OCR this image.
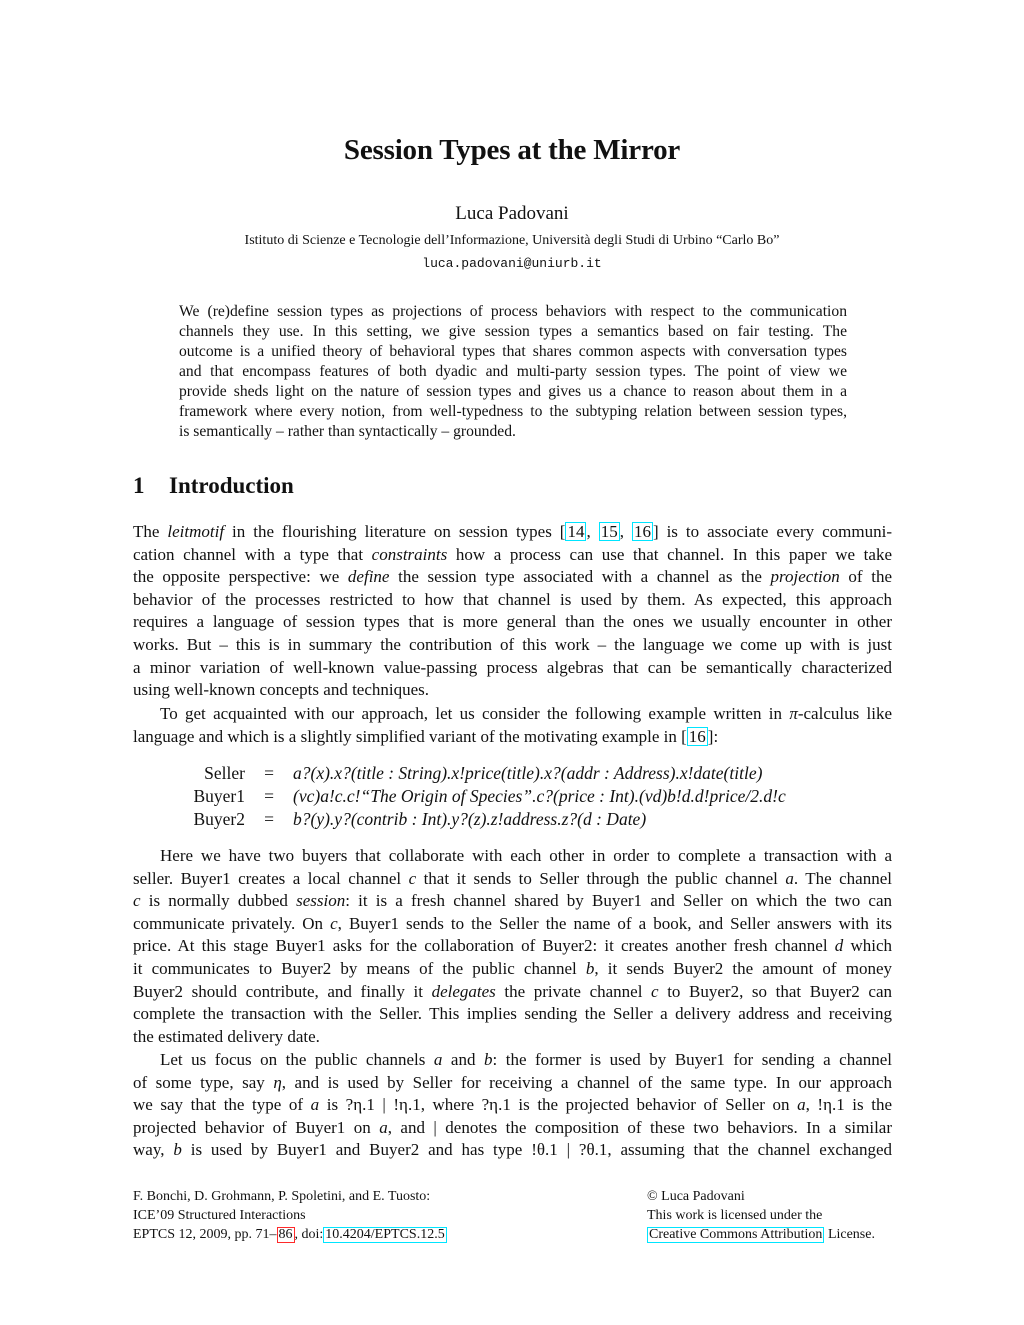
Session Types at the Mirror
Luca Padovani
Istituto di Scienze e Tecnologie dell’Informazione, Università degli Studi di Urbino “Carlo Bo”
luca.padovani@uniurb.it
We (re)define session types as projections of process behaviors with respect to the communication
channels they use. In this setting, we give session types a semantics based on fair testing. The
outcome is a unified theory of behavioral types that shares common aspects with conversation types
and that encompass features of both dyadic and multi-party session types. The point of view we
provide sheds light on the nature of session types and gives us a chance to reason about them in a
framework where every notion, from well-typedness to the subtyping relation between session types,
is semantically – rather than syntactically – grounded.
1 Introduction
The leitmotif in the flourishing literature on session types [ 14 , 15 , 16 ] is to associate every communi-
cation channel with a type that constraints how a process can use that channel. In this paper we take
the opposite perspective: we define the session type associated with a channel as the projection of the
behavior of the processes restricted to how that channel is used by them. As expected, this approach
requires a language of session types that is more general than the ones we usually encounter in other
works. But – this is in summary the contribution of this work – the language we come up with is just
a minor variation of well-known value-passing process algebras that can be semantically characterized
using well-known concepts and techniques.
To get acquainted with our approach, let us consider the following example written in π-calculus like
language and which is a slightly simplified variant of the motivating example in [ 16 ]:
Seller = a?(x).x?(title : String).x!price(title).x?(addr : Address).x!date(title)
Buyer1 = (νc)a!c.c!“The Origin of Species”.c?(price : Int).(νd)b!d.d!price/2.d!c
Buyer2 = b?(y).y?(contrib : Int).y?(z).z!address.z?(d : Date)
Here we have two buyers that collaborate with each other in order to complete a transaction with a
seller. Buyer1 creates a local channel c that it sends to Seller through the public channel a. The channel
c is normally dubbed session: it is a fresh channel shared by Buyer1 and Seller on which the two can
communicate privately. On c, Buyer1 sends to the Seller the name of a book, and Seller answers with its
price. At this stage Buyer1 asks for the collaboration of Buyer2: it creates another fresh channel d which
it communicates to Buyer2 by means of the public channel b, it sends Buyer2 the amount of money
Buyer2 should contribute, and finally it delegates the private channel c to Buyer2, so that Buyer2 can
complete the transaction with the Seller. This implies sending the Seller a delivery address and receiving
the estimated delivery date.
Let us focus on the public channels a and b: the former is used by Buyer1 for sending a channel
of some type, say η, and is used by Seller for receiving a channel of the same type. In our approach
we say that the type of a is ?η.1 | !η.1, where ?η.1 is the projected behavior of Seller on a, !η.1 is the
projected behavior of Buyer1 on a, and | denotes the composition of these two behaviors. In a similar
way, b is used by Buyer1 and Buyer2 and has type !θ.1 | ?θ.1, assuming that the channel exchanged
F. Bonchi, D. Grohmann, P. Spoletini, and E. Tuosto:
ICE’09 Structured Interactions
EPTCS 12, 2009, pp. 71– 86 , doi: 10.4204/EPTCS.12.5
© Luca Padovani
This work is licensed under the
Creative Commons Attribution License.
